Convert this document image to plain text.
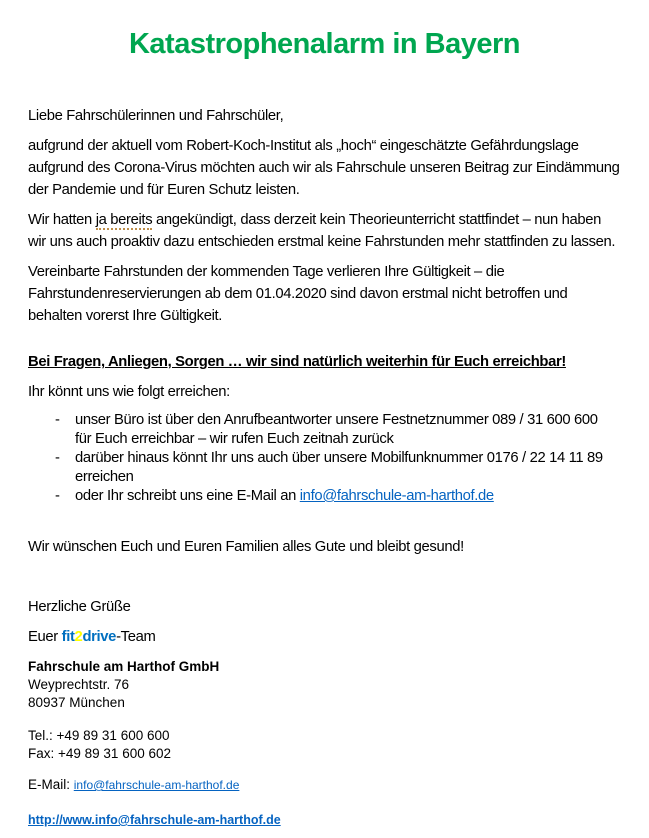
Katastrophenalarm in Bayern

Liebe Fahrschülerinnen und Fahrschüler,

aufgrund der aktuell vom Robert-Koch-Institut als „hoch“ eingeschätzte Gefährdungslage aufgrund des Corona-Virus möchten auch wir als Fahrschule unseren Beitrag zur Eindämmung der Pandemie und für Euren Schutz leisten.

Wir hatten ja bereits angekündigt, dass derzeit kein Theorieunterricht stattfindet – nun haben wir uns auch proaktiv dazu entschieden erstmal keine Fahrstunden mehr stattfinden zu lassen.

Vereinbarte Fahrstunden der kommenden Tage verlieren Ihre Gültigkeit – die Fahrstundenreservierungen ab dem 01.04.2020 sind davon erstmal nicht betroffen und behalten vorerst Ihre Gültigkeit.

Bei Fragen, Anliegen, Sorgen … wir sind natürlich weiterhin für Euch erreichbar!

Ihr könnt uns wie folgt erreichen:

-	unser Büro ist über den Anrufbeantworter unsere Festnetznummer 089 / 31 600 600 für Euch erreichbar – wir rufen Euch zeitnah zurück
-	darüber hinaus könnt Ihr uns auch über unsere Mobilfunknummer 0176 / 22 14 11 89 erreichen
-	oder Ihr schreibt uns eine E-Mail an info@fahrschule-am-harthof.de

Wir wünschen Euch und Euren Familien alles Gute und bleibt gesund!

Herzliche Grüße

Euer fit2drive-Team

Fahrschule am Harthof GmbH
Weyprechtstr. 76
80937 München
Tel.: +49 89 31 600 600
Fax: +49 89 31 600 602
E-Mail: info@fahrschule-am-harthof.de
http://www.info@fahrschule-am-harthof.de
